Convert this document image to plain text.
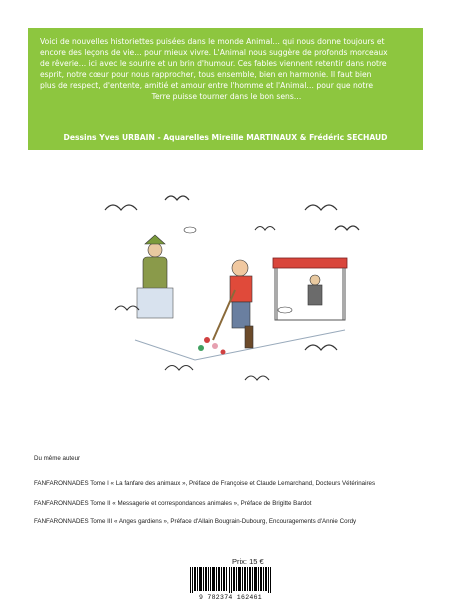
Voici de nouvelles historiettes puisées dans le monde Animal… qui nous donne toujours et

encore des leçons de vie… pour mieux vivre. L'Animal nous suggère de profonds morceaux

de rêverie… ici avec le sourire et un brin d'humour. Ces fables viennent retentir dans notre

esprit, notre cœur pour nous rapprocher, tous ensemble, bien en harmonie. Il faut bien

plus de respect, d'entente, amitié et amour entre l'homme et l'Animal… pour que notre

Terre puisse tourner dans le bon sens…
Dessins Yves URBAIN - Aquarelles Mireille MARTINAUX & Frédéric SECHAUD
Du même auteur
FANFARONNADES Tome I « La fanfare des animaux », Préface de Françoise et Claude Lemarchand, Docteurs Vétérinaires
FANFARONNADES Tome II « Messagerie et correspondances animales », Préface de Brigitte Bardot
FANFARONNADES Tome III « Anges gardiens », Préface d'Allain Bougrain-Dubourg, Encouragements d'Annie Cordy
Prix: 15 €
9 782374 162461
